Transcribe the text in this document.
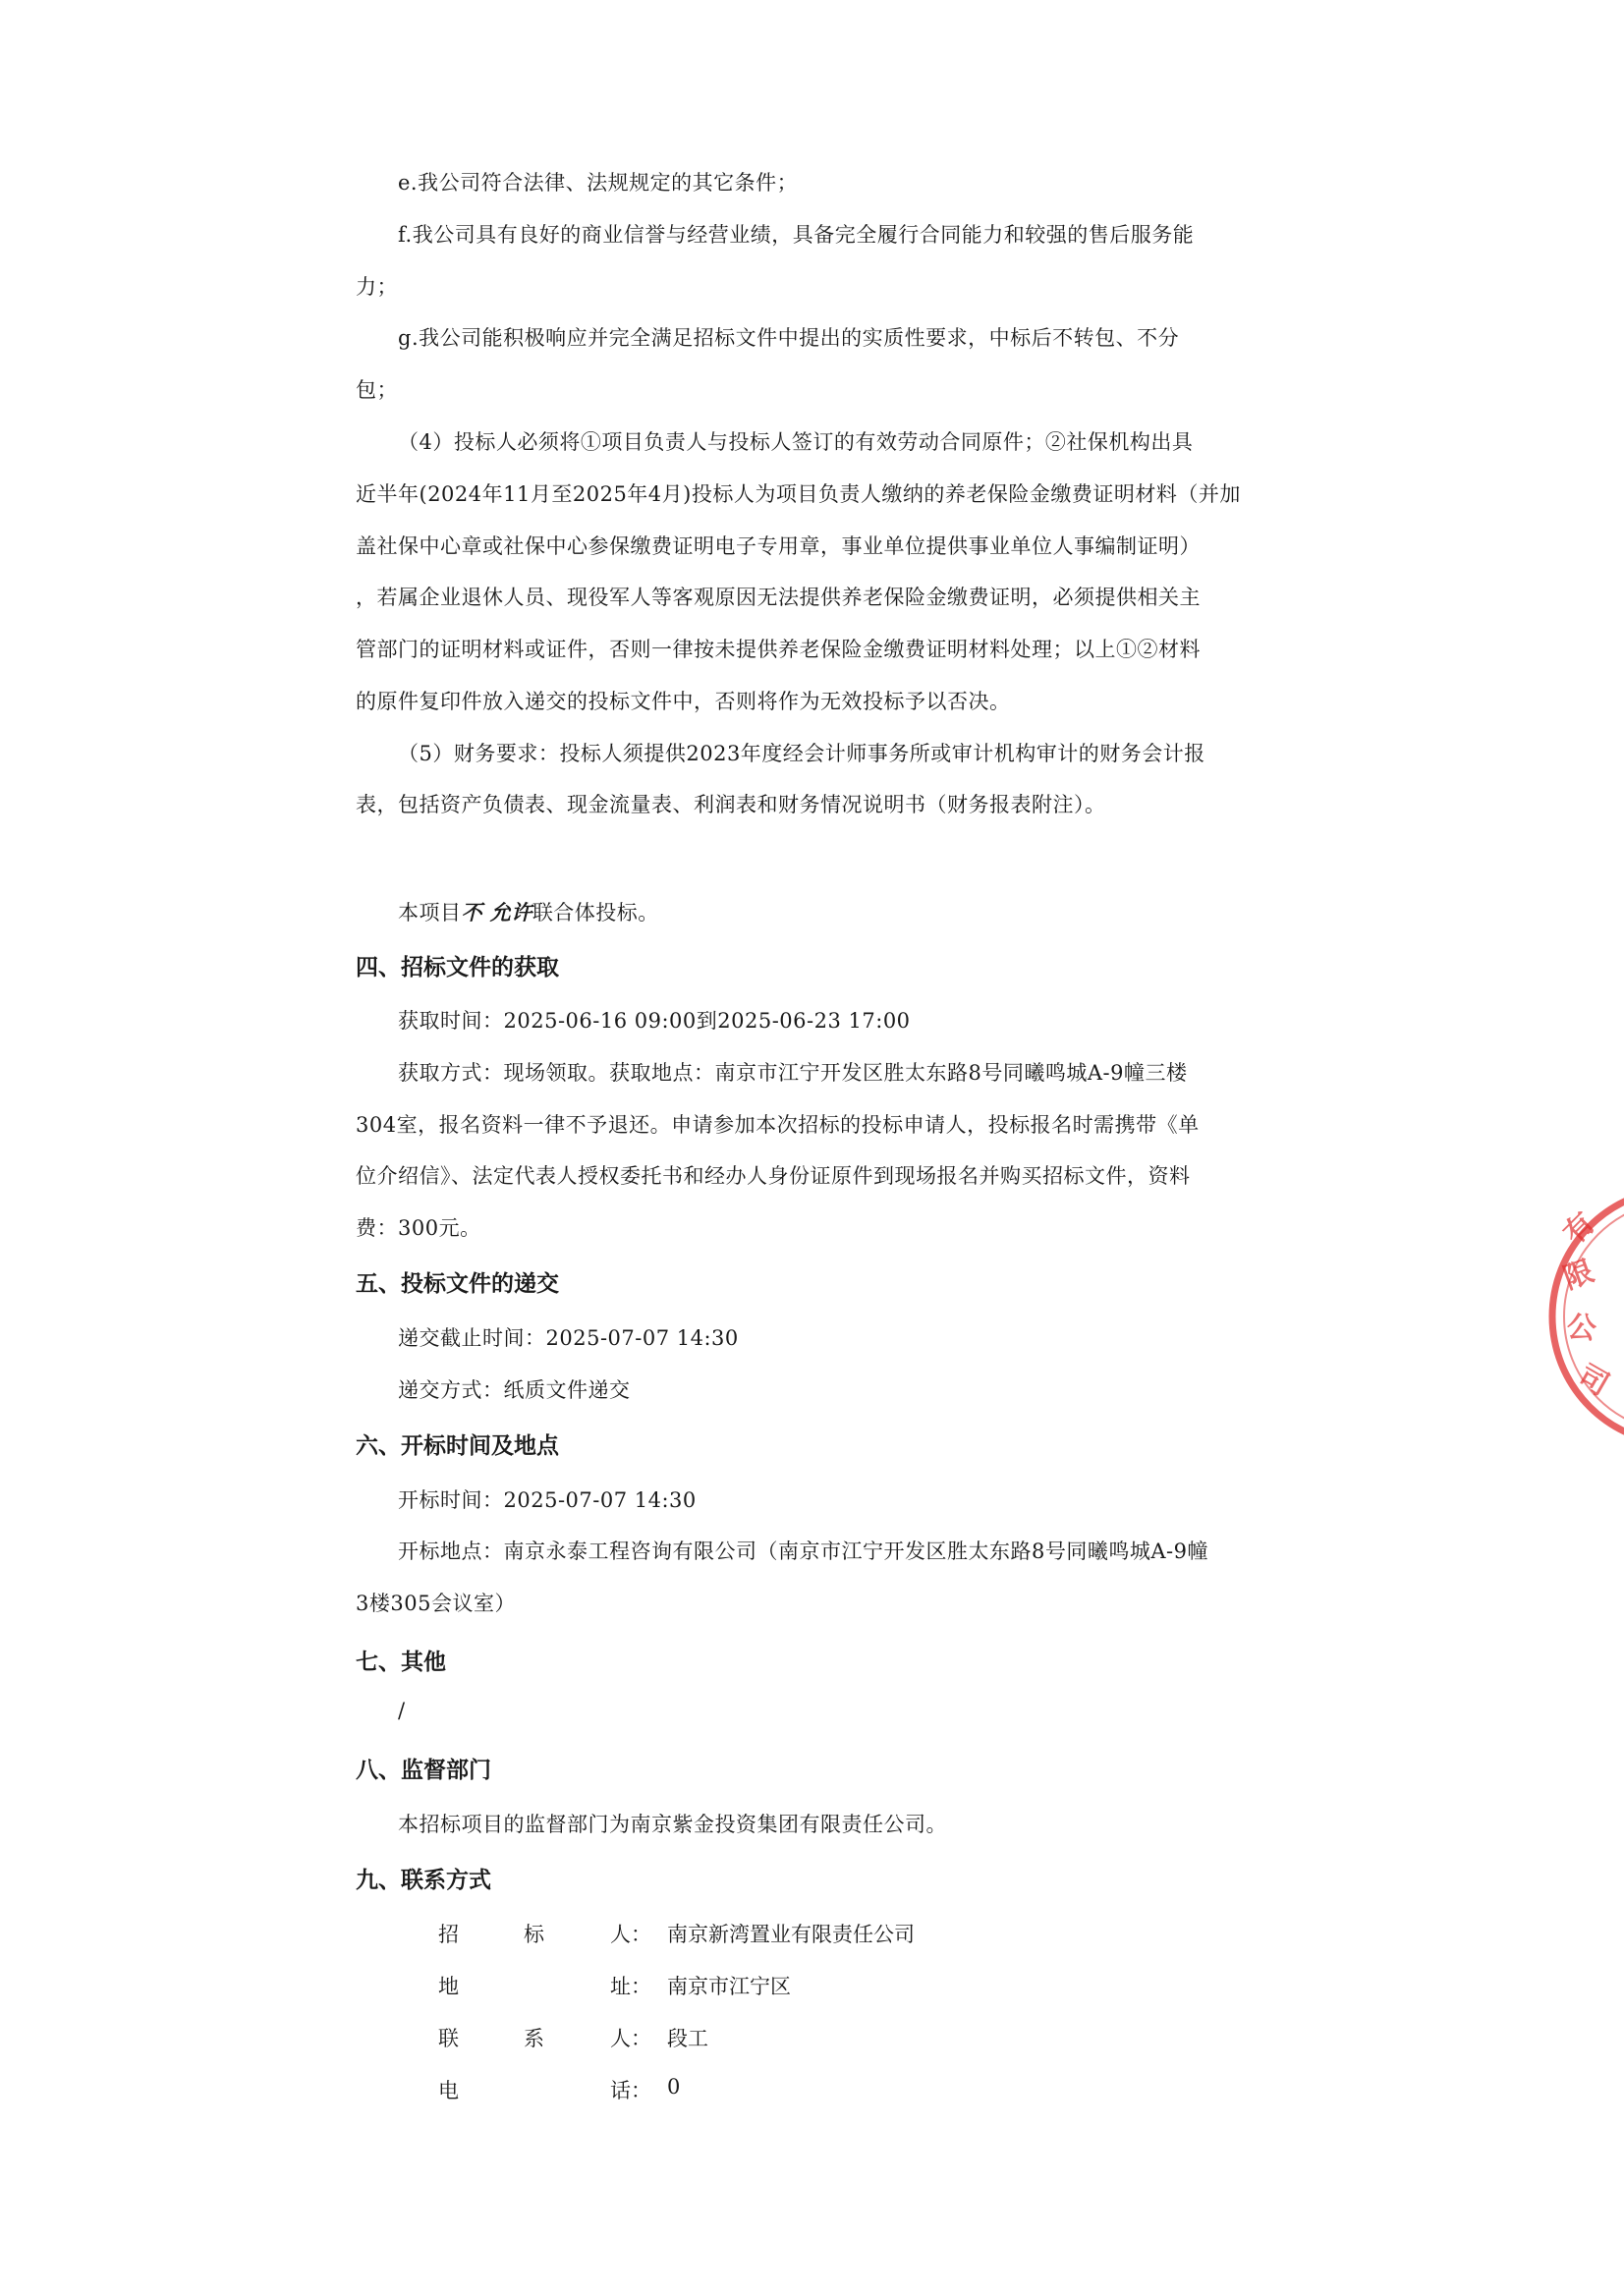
e.我公司符合法律、法规规定的其它条件；
f.我公司具有良好的商业信誉与经营业绩，具备完全履行合同能力和较强的售后服务能
力；
g.我公司能积极响应并完全满足招标文件中提出的实质性要求，中标后不转包、不分
包；
（4）投标人必须将①项目负责人与投标人签订的有效劳动合同原件；②社保机构出具
近半年(2024年11月至2025年4月)投标人为项目负责人缴纳的养老保险金缴费证明材料（并加
盖社保中心章或社保中心参保缴费证明电子专用章，事业单位提供事业单位人事编制证明）
，若属企业退休人员、现役军人等客观原因无法提供养老保险金缴费证明，必须提供相关主
管部门的证明材料或证件，否则一律按未提供养老保险金缴费证明材料处理；以上①②材料
的原件复印件放入递交的投标文件中，否则将作为无效投标予以否决。
（5）财务要求：投标人须提供2023年度经会计师事务所或审计机构审计的财务会计报
表，包括资产负债表、现金流量表、利润表和财务情况说明书（财务报表附注）。
本项目不 允许联合体投标。
四、招标文件的获取
获取时间：2025-06-16 09:00到2025-06-23 17:00
获取方式：现场领取。获取地点：南京市江宁开发区胜太东路8号同曦鸣城A-9幢三楼
304室，报名资料一律不予退还。申请参加本次招标的投标申请人，投标报名时需携带《单
位介绍信》、法定代表人授权委托书和经办人身份证原件到现场报名并购买招标文件，资料
费：300元。
五、投标文件的递交
递交截止时间：2025-07-07 14:30
递交方式：纸质文件递交
六、开标时间及地点
开标时间：2025-07-07 14:30
开标地点：南京永泰工程咨询有限公司（南京市江宁开发区胜太东路8号同曦鸣城A-9幢
3楼305会议室）
七、其他
/
八、监督部门
本招标项目的监督部门为南京紫金投资集团有限责任公司。
九、联系方式
招	标	人： 南京新湾置业有限责任公司
地	址： 南京市江宁区
联	系	人： 段工
电	话： 0
有
限
公
司
